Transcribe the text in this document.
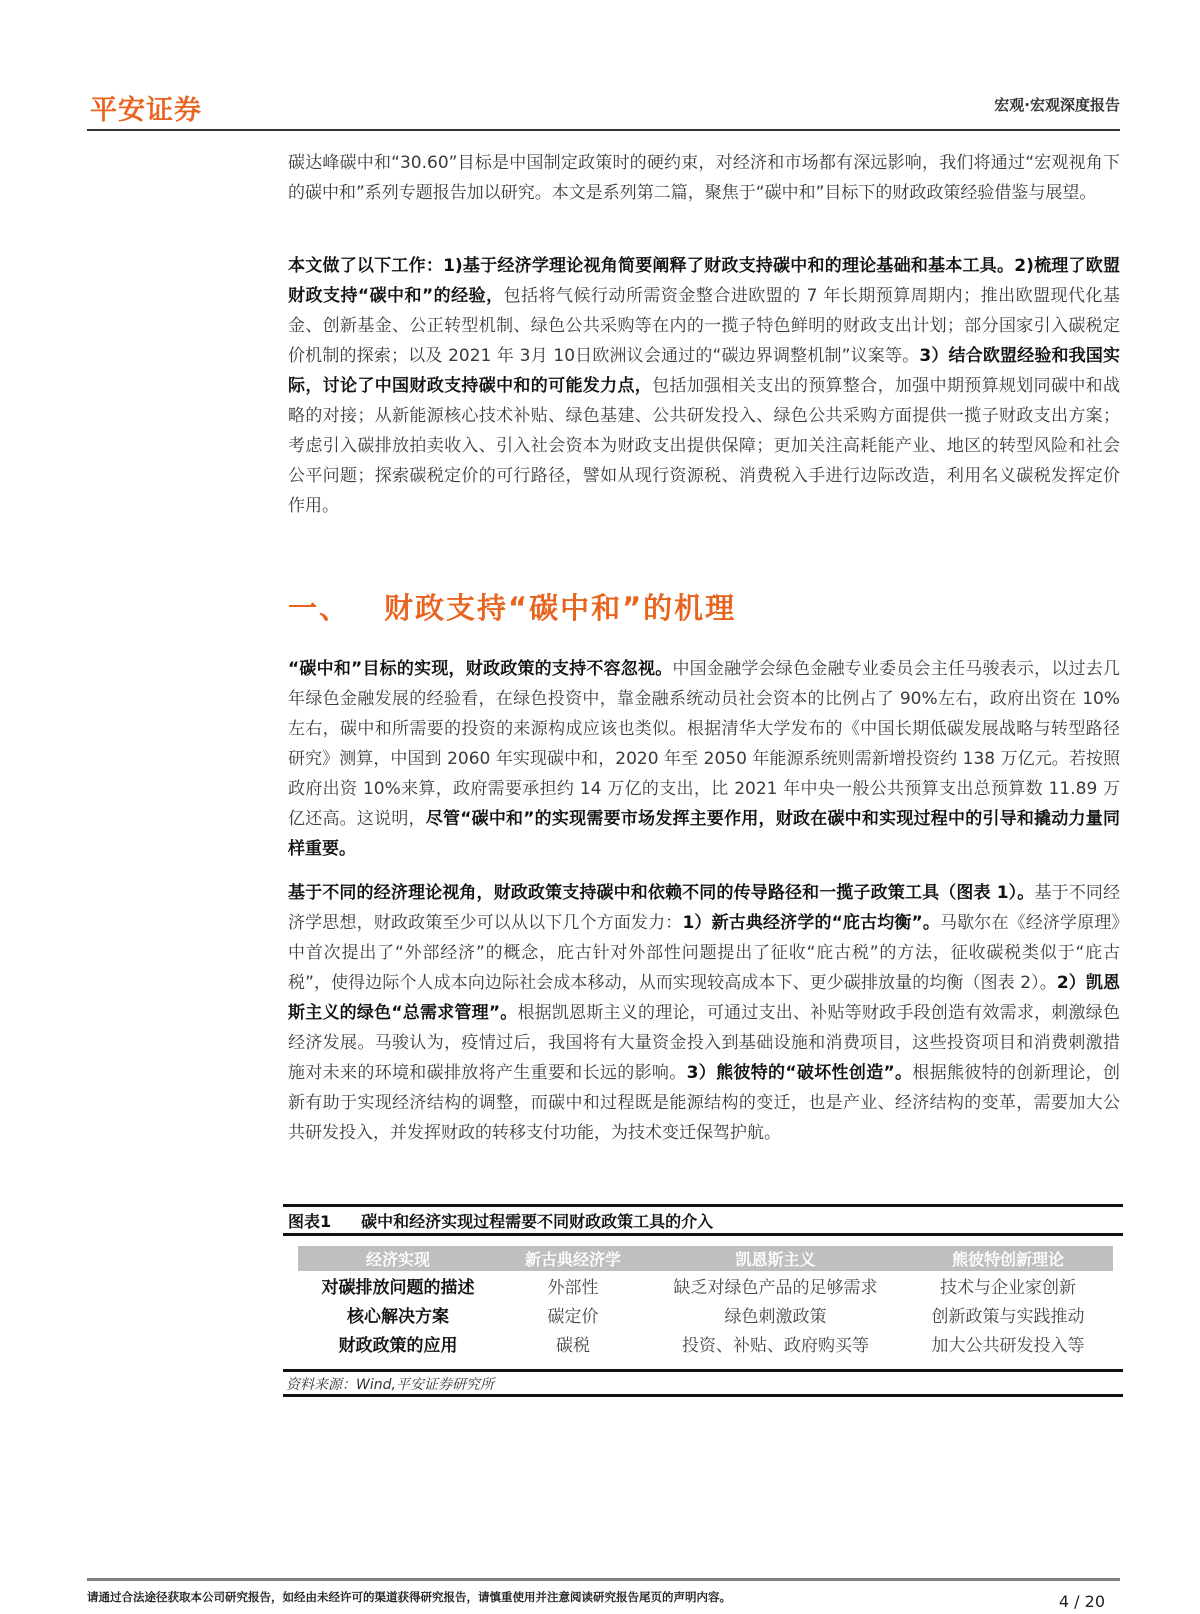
平安证券	宏观·宏观深度报告
碳达峰碳中和“30.60”目标是中国制定政策时的硬约束，对经济和市场都有深远影响，我们将通过“宏观视角下的碳中和”系列专题报告加以研究。本文是系列第二篇，聚焦于“碳中和”目标下的财政政策经验借鉴与展望。
本文做了以下工作：1)基于经济学理论视角简要阐释了财政支持碳中和的理论基础和基本工具。2)梳理了欧盟财政支持“碳中和”的经验，包括将气候行动所需资金整合进欧盟的 7 年长期预算周期内；推出欧盟现代化基金、创新基金、公正转型机制、绿色公共采购等在内的一揽子特色鲜明的财政支出计划；部分国家引入碳税定价机制的探索；以及 2021 年 3月 10日欧洲议会通过的“碳边界调整机制”议案等。3）结合欧盟经验和我国实际，讨论了中国财政支持碳中和的可能发力点，包括加强相关支出的预算整合，加强中期预算规划同碳中和战略的对接；从新能源核心技术补贴、绿色基建、公共研发投入、绿色公共采购方面提供一揽子财政支出方案；考虑引入碳排放拍卖收入、引入社会资本为财政支出提供保障；更加关注高耗能产业、地区的转型风险和社会公平问题；探索碳税定价的可行路径，譬如从现行资源税、消费税入手进行边际改造，利用名义碳税发挥定价作用。
一、 财政支持“碳中和”的机理
“碳中和”目标的实现，财政政策的支持不容忽视。中国金融学会绿色金融专业委员会主任马骏表示，以过去几年绿色金融发展的经验看，在绿色投资中，靠金融系统动员社会资本的比例占了 90%左右，政府出资在 10%左右，碳中和所需要的投资的来源构成应该也类似。根据清华大学发布的《中国长期低碳发展战略与转型路径研究》测算，中国到 2060 年实现碳中和，2020 年至 2050 年能源系统则需新增投资约 138 万亿元。若按照政府出资 10%来算，政府需要承担约 14 万亿的支出，比 2021 年中央一般公共预算支出总预算数 11.89 万亿还高。这说明，尽管“碳中和”的实现需要市场发挥主要作用，财政在碳中和实现过程中的引导和撬动力量同样重要。
基于不同的经济理论视角，财政政策支持碳中和依赖不同的传导路径和一揽子政策工具（图表 1）。基于不同经济学思想，财政政策至少可以从以下几个方面发力：1）新古典经济学的“庇古均衡”。马歇尔在《经济学原理》中首次提出了“外部经济”的概念，庇古针对外部性问题提出了征收“庇古税”的方法，征收碳税类似于“庇古税”，使得边际个人成本向边际社会成本移动，从而实现较高成本下、更少碳排放量的均衡（图表 2）。2）凯恩斯主义的绿色“总需求管理”。根据凯恩斯主义的理论，可通过支出、补贴等财政手段创造有效需求，刺激绿色经济发展。马骏认为，疫情过后，我国将有大量资金投入到基础设施和消费项目，这些投资项目和消费刺激措施对未来的环境和碳排放将产生重要和长远的影响。3）熊彼特的“破坏性创造”。根据熊彼特的创新理论，创新有助于实现经济结构的调整，而碳中和过程既是能源结构的变迁，也是产业、经济结构的变革，需要加大公共研发投入，并发挥财政的转移支付功能，为技术变迁保驾护航。
图表1 碳中和经济实现过程需要不同财政政策工具的介入
经济实现	新古典经济学	凯恩斯主义	熊彼特创新理论
对碳排放问题的描述	外部性	缺乏对绿色产品的足够需求	技术与企业家创新
核心解决方案	碳定价	绿色刺激政策	创新政策与实践推动
财政政策的应用	碳税	投资、补贴、政府购买等	加大公共研发投入等
资料来源：Wind,平安证券研究所
请通过合法途径获取本公司研究报告，如经由未经许可的渠道获得研究报告，请慎重使用并注意阅读研究报告尾页的声明内容。	4 / 20
